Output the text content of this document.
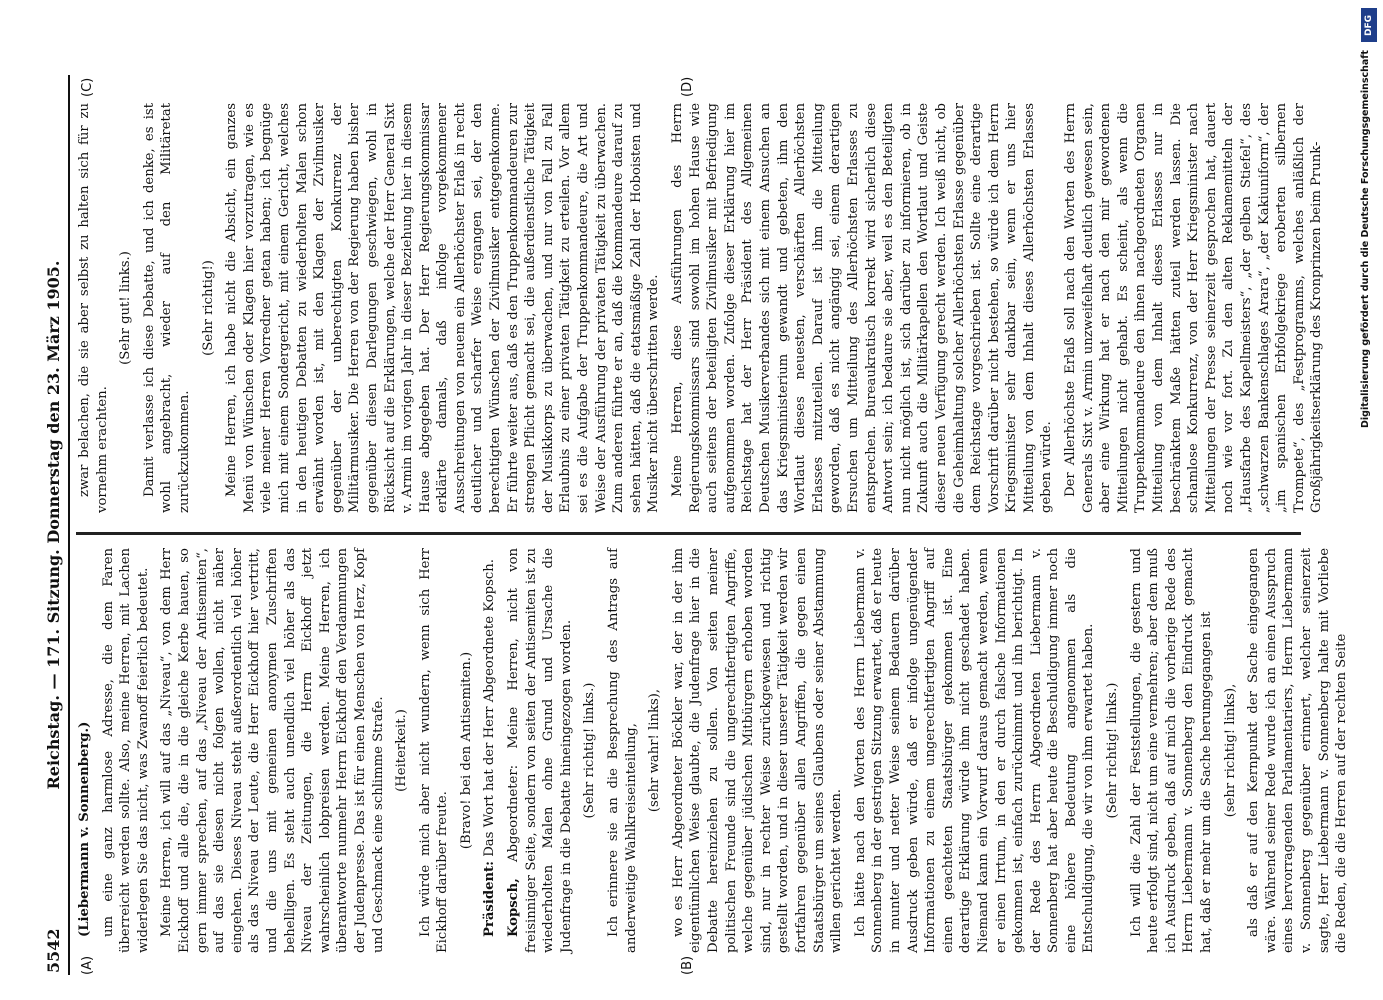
5542
Reichstag. — 171. Sitzung. Donnerstag den 23. März 1905.
(A)	(B)
(C)	(D)

(Liebermann v. Sonnenberg.) um eine ganz harmlose Adresse, die dem Faren überreicht werden sollte. Also, meine Herren, mit Lachen widerlegen Sie das nicht, was Zwanoff feierlich bedeutet. Meine Herren, ich will auf das „Niveau“, von dem Herr Eickhoff und alle die, die in die gleiche Kerbe hauen, so gern immer sprechen, auf das „Niveau der Antisemiten“, auf das sie diesen nicht folgen wollen, nicht näher eingehen. Dieses Niveau steht außerordentlich viel höher als das Niveau der Leute, die Herr Eickhoff hier vertritt, und die uns mit gemeinen anonymen Zuschriften behelligen. Es steht auch unendlich viel höher als das Niveau der Zeitungen, die Herrn Eickhoff jetzt wahrscheinlich lobpreisen werden. Meine Herren, ich überantworte nunmehr Herrn Eickhoff den Verdammungen der Judenpresse. Das ist für einen Menschen von Herz, Kopf und Geschmack eine schlimme Strafe. (Heiterkeit.) Ich würde mich aber nicht wundern, wenn sich Herr Eickhoff darüber freute.

(Bravo! bei den Antisemiten.)

Präsident: Das Wort hat der Herr Abgeordnete Kopsch.

Kopsch, Abgeordneter: Meine Herren, nicht von freisinniger Seite, sondern von seiten der Antisemiten ist zu wiederholten Malen ohne Grund und Ursache die Judenfrage in die Debatte hineingezogen worden. (Sehr richtig! links.) Ich erinnere sie an die Besprechung des Antrags auf anderweitige Wahlkreiseinteilung, (sehr wahr! links), wo es Herr Abgeordneter Böckler war, der in der ihm eigentümlichen Weise glaubte, die Judenfrage hier in die Debatte hereinziehen zu sollen. Von seiten meiner politischen Freunde sind die ungerechtfertigten Angriffe, welche gegenüber jüdischen Mitbürgern erhoben worden sind, nur in rechter Weise zurückgewiesen und richtig gestellt worden, und in dieser unserer Tätigkeit werden wir fortfahren gegenüber allen Angriffen, die gegen einen Staatsbürger um seines Glaubens oder seiner Abstammung willen gerichtet werden. Ich hätte nach den Worten des Herrn Liebermann v. Sonnenberg in der gestrigen Sitzung erwartet, daß er heute in munter und netter Weise seinem Bedauern darüber Ausdruck geben würde, daß er infolge ungenügender Informationen zu einem ungerechtfertigten Angriff auf einen geachteten Staatsbürger gekommen ist. Eine derartige Erklärung würde ihm nicht geschadet haben. Niemand kann ein Vorwurf daraus gemacht werden, wenn er einen Irrtum, in den er durch falsche Informationen gekommen ist, einfach zurücknimmt und ihn berichtigt. In der Rede des Herrn Abgeordneten Liebermann v. Sonnenberg hat aber heute die Beschuldigung immer noch eine höhere Bedeutung angenommen als die Entschuldigung, die wir von ihm erwartet haben. (Sehr richtig! links.) Ich will die Zahl der Feststellungen, die gestern und heute erfolgt sind, nicht um eine vermehren; aber dem muß ich Ausdruck geben, daß auf mich die vorherige Rede des Herrn Liebermann v. Sonnenberg den Eindruck gemacht hat, daß er mehr um die Sache herumgegangen ist (sehr richtig! links), als daß er auf den Kernpunkt der Sache eingegangen wäre. Während seiner Rede wurde ich an einen Ausspruch eines hervorragenden Parlamentariers, Herrn Liebermann v. Sonnenberg gegenüber erinnert, welcher seinerzeit sagte, Herr Liebermann v. Sonnenberg halte mit Vorliebe die Reden, die die Herren auf der rechten Seite

zwar belachen, die sie aber selbst zu halten sich für zu vornehm erachten.

(Sehr gut! links.) Damit verlasse ich diese Debatte, und ich denke, es ist wohl angebracht, wieder auf den Militäretat zurückzukommen.

(Sehr richtig!) Meine Herren, ich habe nicht die Absicht, ein ganzes Menü von Wünschen oder Klagen hier vorzutragen, wie es viele meiner Herren Vorredner getan haben; ich begnüge mich mit einem Sondergericht, mit einem Gericht, welches in den heutigen Debatten zu wiederholten Malen schon erwähnt worden ist, mit den Klagen der Zivilmusiker gegenüber der unberechtigten Konkurrenz der Militärmusiker. Die Herren von der Regierung haben bisher gegenüber diesen Darlegungen geschwiegen, wohl in Rücksicht auf die Erklärungen, welche der Herr General Sixt v. Armin im vorigen Jahr in dieser Beziehung hier in diesem Hause abgegeben hat. Der Herr Regierungskommissar erklärte damals, daß infolge vorgekommener Ausschreitungen von neuem ein Allerhöchster Erlaß in recht deutlicher und scharfer Weise ergangen sei, der den berechtigten Wünschen der Zivilmusiker entgegenkomme. Er führte weiter aus, daß es den Truppenkommandeuren zur strengen Pflicht gemacht sei, die außerdienstliche Tätigkeit der Musikkorps zu überwachen, und nur von Fall zu Fall Erlaubnis zu einer privaten Tätigkeit zu erteilen. Vor allem sei es die Aufgabe der Truppenkommandeure, die Art und Weise der Ausführung der privaten Tätigkeit zu überwachen. Zum anderen führte er an, daß die Kommandeure darauf zu sehen hätten, daß die etatsmäßige Zahl der Hoboisten und Musiker nicht überschritten werde. Meine Herren, diese Ausführungen des Herrn Regierungskommissars sind sowohl im hohen Hause wie auch seitens der beteiligten Zivilmusiker mit Befriedigung aufgenommen worden. Zufolge dieser Erklärung hier im Reichstage hat der Herr Präsident des Allgemeinen Deutschen Musikerverbandes sich mit einem Ansuchen an das Kriegsministerium gewandt und gebeten, ihm den Wortlaut dieses neuesten, verschärften Allerhöchsten Erlasses mitzuteilen. Darauf ist ihm die Mitteilung geworden, daß es nicht angängig sei, einem derartigen Ersuchen um Mitteilung des Allerhöchsten Erlasses zu entsprechen. Bureaukratisch korrekt wird sicherlich diese Antwort sein; ich bedaure sie aber, weil es den Beteiligten nun nicht möglich ist, sich darüber zu informieren, ob in Zukunft auch die Militärkapellen den Wortlaut und Geiste dieser neuen Verfügung gerecht werden. Ich weiß nicht, ob die Geheimhaltung solcher Allerhöchsten Erlasse gegenüber dem Reichstage vorgeschrieben ist. Sollte eine derartige Vorschrift darüber nicht bestehen, so würde ich dem Herrn Kriegsminister sehr dankbar sein, wenn er uns hier Mitteilung von dem Inhalt dieses Allerhöchsten Erlasses geben würde. Der Allerhöchste Erlaß soll nach den Worten des Herrn Generals Sixt v. Armin unzweifelhaft deutlich gewesen sein, aber eine Wirkung hat er nach den mir gewordenen Mitteilungen nicht gehabt. Es scheint, als wenn die Truppenkommandeure den ihnen nachgeordneten Organen Mitteilung von dem Inhalt dieses Erlasses nur in beschränktem Maße hätten zuteil werden lassen. Die schamlose Konkurrenz, von der Herr Kriegsminister nach Mitteilungen der Presse seinerzeit gesprochen hat, dauert noch wie vor fort. Zu den alten Reklamemitteln der „Hausfarbe des Kapellmeisters“, „der gelben Stiefel“, des „schwarzen Bankenschlages Arara“, „der Kakiuniform“, der „im spanischen Erbfolgekriege eroberten silbernen Trompete“, des „Festprogramms, welches anläßlich der Großjährigkeitserklärung des Kronprinzen beim Prunk-

DFG
Digitalisierung gefördert durch die Deutsche Forschungsgemeinschaft
